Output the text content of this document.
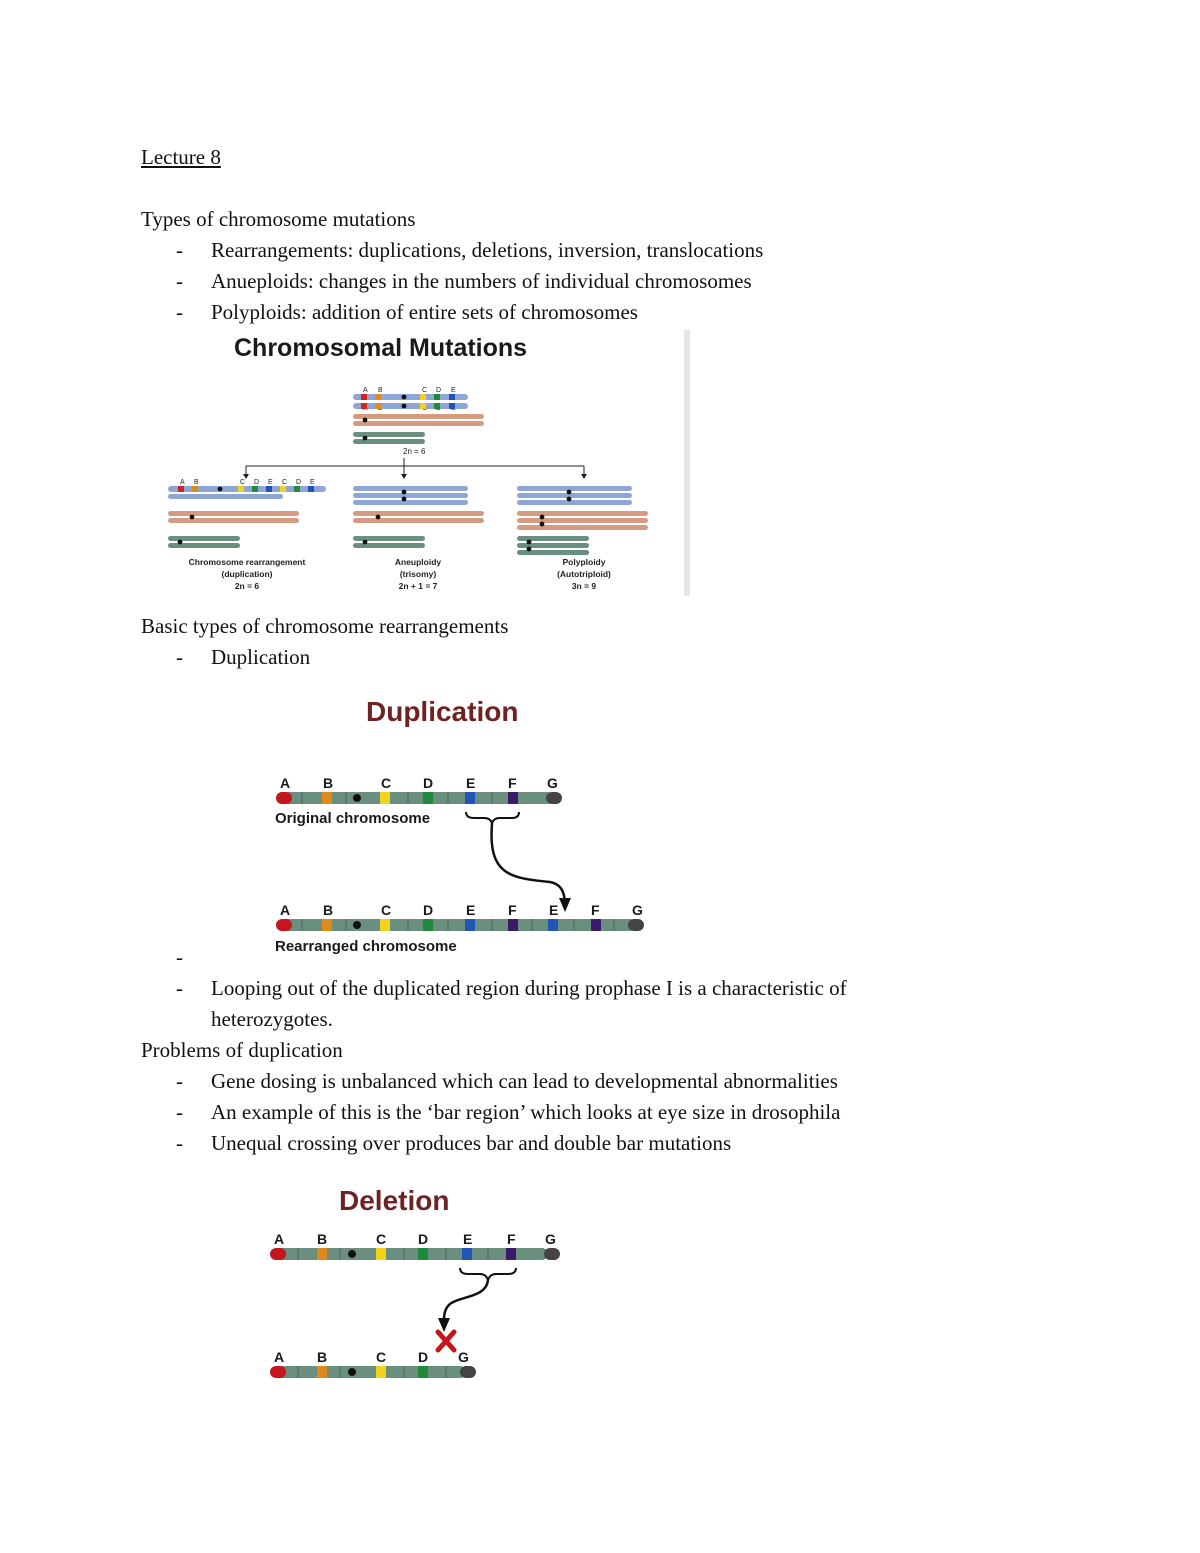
Lecture 8
Types of chromosome mutations
- Rearrangements: duplications, deletions, inversion, translocations
- Anueploids: changes in the numbers of individual chromosomes
- Polyploids: addition of entire sets of chromosomes
Chromosomal Mutations
A B	C D E
2n = 6
A B	C D E C D E
Chromosome rearrangement
(duplication)
2n = 6
Aneuploidy
(trisomy)
2n + 1 = 7
Polyploidy
(Autotriploid)
3n = 9
Basic types of chromosome rearrangements
- Duplication
Duplication
A B	C D E F G
Original chromosome
A B	C D E F E F G
Rearranged chromosome
-
- Looping out of the duplicated region during prophase I is a characteristic of
heterozygotes.
Problems of duplication
- Gene dosing is unbalanced which can lead to developmental abnormalities
- An example of this is the ‘bar region’ which looks at eye size in drosophila
- Unequal crossing over produces bar and double bar mutations
Deletion
A B	C D E F G
A B	C D G
